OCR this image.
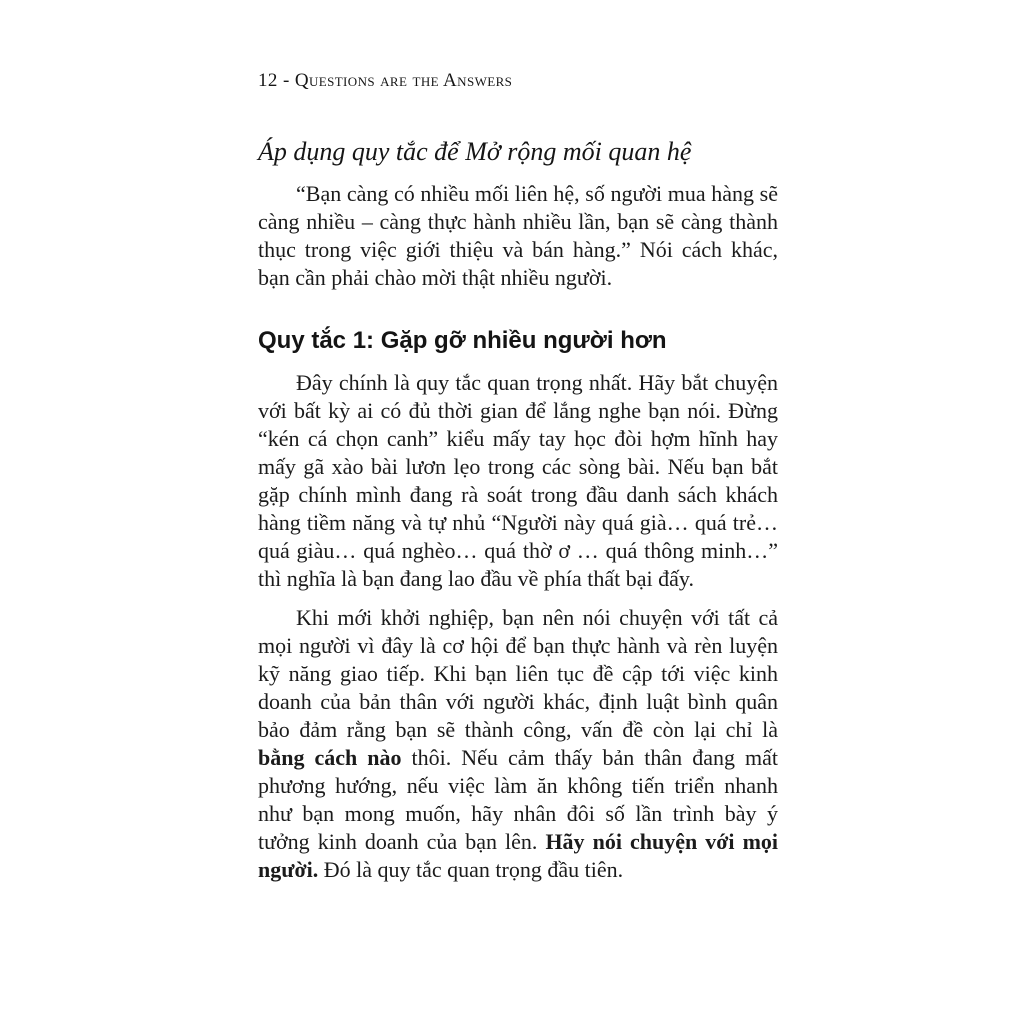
12 - Questions are the Answers
Áp dụng quy tắc để Mở rộng mối quan hệ

“Bạn càng có nhiều mối liên hệ, số người mua hàng sẽ càng nhiều – càng thực hành nhiều lần, bạn sẽ càng thành thục trong việc giới thiệu và bán hàng.” Nói cách khác, bạn cần phải chào mời thật nhiều người.

Quy tắc 1: Gặp gỡ nhiều người hơn

Đây chính là quy tắc quan trọng nhất. Hãy bắt chuyện với bất kỳ ai có đủ thời gian để lắng nghe bạn nói. Đừng “kén cá chọn canh” kiểu mấy tay học đòi hợm hĩnh hay mấy gã xào bài lươn lẹo trong các sòng bài. Nếu bạn bắt gặp chính mình đang rà soát trong đầu danh sách khách hàng tiềm năng và tự nhủ “Người này quá già… quá trẻ… quá giàu… quá nghèo… quá thờ ơ … quá thông minh…” thì nghĩa là bạn đang lao đầu về phía thất bại đấy.

Khi mới khởi nghiệp, bạn nên nói chuyện với tất cả mọi người vì đây là cơ hội để bạn thực hành và rèn luyện kỹ năng giao tiếp. Khi bạn liên tục đề cập tới việc kinh doanh của bản thân với người khác, định luật bình quân bảo đảm rằng bạn sẽ thành công, vấn đề còn lại chỉ là bằng cách nào thôi. Nếu cảm thấy bản thân đang mất phương hướng, nếu việc làm ăn không tiến triển nhanh như bạn mong muốn, hãy nhân đôi số lần trình bày ý tưởng kinh doanh của bạn lên. Hãy nói chuyện với mọi người. Đó là quy tắc quan trọng đầu tiên.
